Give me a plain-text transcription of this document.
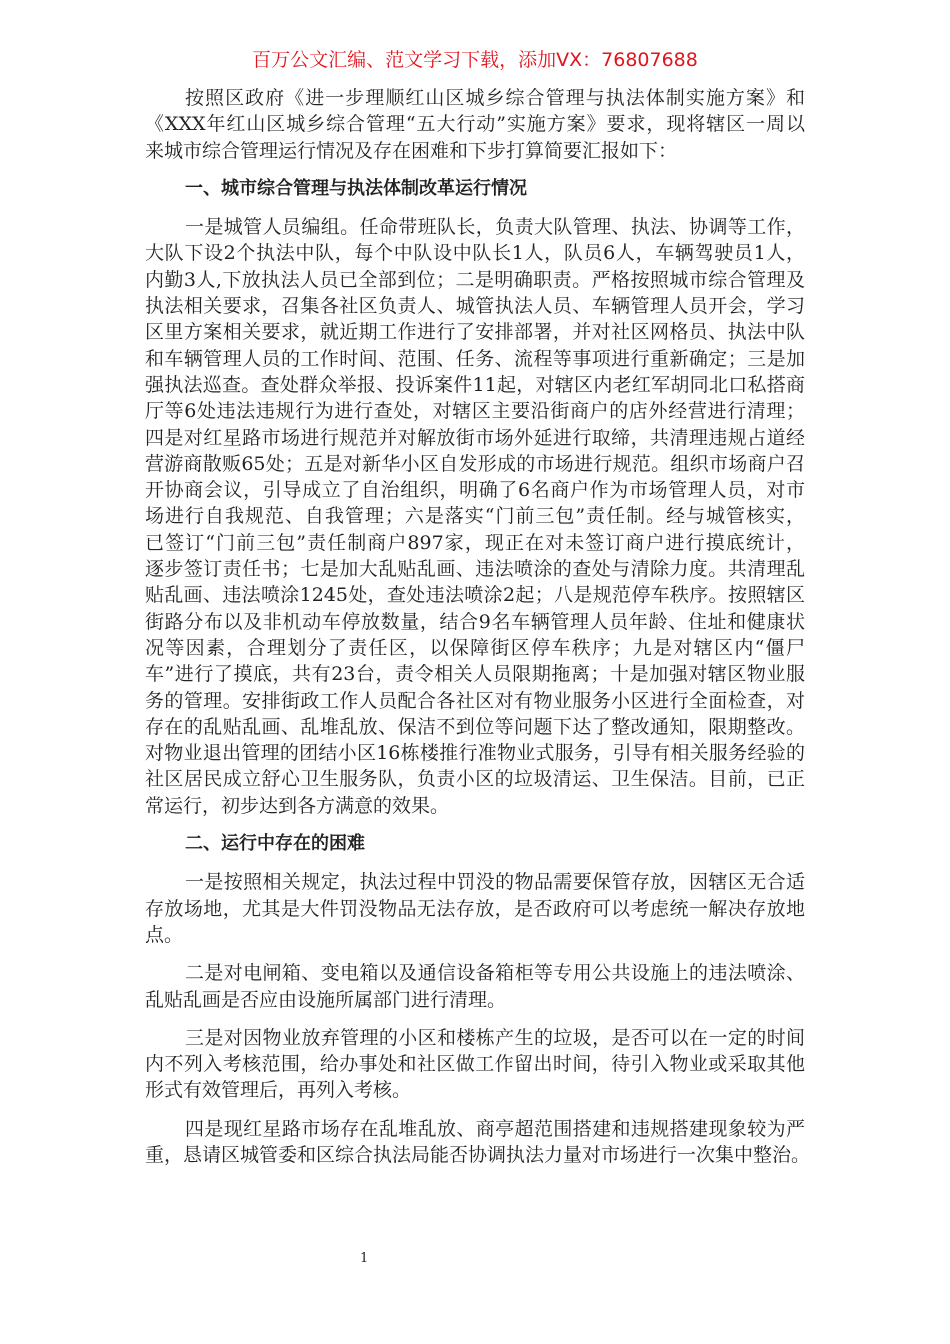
百万公文汇编、范文学习下载，添加VX：76807688
按照区政府《进一步理顺红山区城乡综合管理与执法体制实施方案》和
《XXX年红山区城乡综合管理“五大行动”实施方案》要求，现将辖区一周以
来城市综合管理运行情况及存在困难和下步打算简要汇报如下：
一、城市综合管理与执法体制改革运行情况
一是城管人员编组。任命带班队长，负责大队管理、执法、协调等工作，
大队下设2个执法中队，每个中队设中队长1人，队员6人，车辆驾驶员1人，
内勤3人,下放执法人员已全部到位；二是明确职责。严格按照城市综合管理及
执法相关要求，召集各社区负责人、城管执法人员、车辆管理人员开会，学习
区里方案相关要求，就近期工作进行了安排部署，并对社区网格员、执法中队
和车辆管理人员的工作时间、范围、任务、流程等事项进行重新确定；三是加
强执法巡查。查处群众举报、投诉案件11起，对辖区内老红军胡同北口私搭商
厅等6处违法违规行为进行查处，对辖区主要沿街商户的店外经营进行清理；
四是对红星路市场进行规范并对解放街市场外延进行取缔，共清理违规占道经
营游商散贩65处；五是对新华小区自发形成的市场进行规范。组织市场商户召
开协商会议，引导成立了自治组织，明确了6名商户作为市场管理人员，对市
场进行自我规范、自我管理；六是落实“门前三包”责任制。经与城管核实，
已签订“门前三包”责任制商户897家，现正在对未签订商户进行摸底统计，
逐步签订责任书；七是加大乱贴乱画、违法喷涂的查处与清除力度。共清理乱
贴乱画、违法喷涂1245处，查处违法喷涂2起；八是规范停车秩序。按照辖区
街路分布以及非机动车停放数量，结合9名车辆管理人员年龄、住址和健康状
况等因素，合理划分了责任区，以保障街区停车秩序；九是对辖区内“僵尸
车”进行了摸底，共有23台，责令相关人员限期拖离；十是加强对辖区物业服
务的管理。安排街政工作人员配合各社区对有物业服务小区进行全面检查，对
存在的乱贴乱画、乱堆乱放、保洁不到位等问题下达了整改通知，限期整改。
对物业退出管理的团结小区16栋楼推行准物业式服务，引导有相关服务经验的
社区居民成立舒心卫生服务队，负责小区的垃圾清运、卫生保洁。目前，已正
常运行，初步达到各方满意的效果。
二、运行中存在的困难
一是按照相关规定，执法过程中罚没的物品需要保管存放，因辖区无合适
存放场地，尤其是大件罚没物品无法存放，是否政府可以考虑统一解决存放地
点。
二是对电闸箱、变电箱以及通信设备箱柜等专用公共设施上的违法喷涂、
乱贴乱画是否应由设施所属部门进行清理。
三是对因物业放弃管理的小区和楼栋产生的垃圾，是否可以在一定的时间
内不列入考核范围，给办事处和社区做工作留出时间，待引入物业或采取其他
形式有效管理后，再列入考核。
四是现红星路市场存在乱堆乱放、商亭超范围搭建和违规搭建现象较为严
重，恳请区城管委和区综合执法局能否协调执法力量对市场进行一次集中整治。
1
